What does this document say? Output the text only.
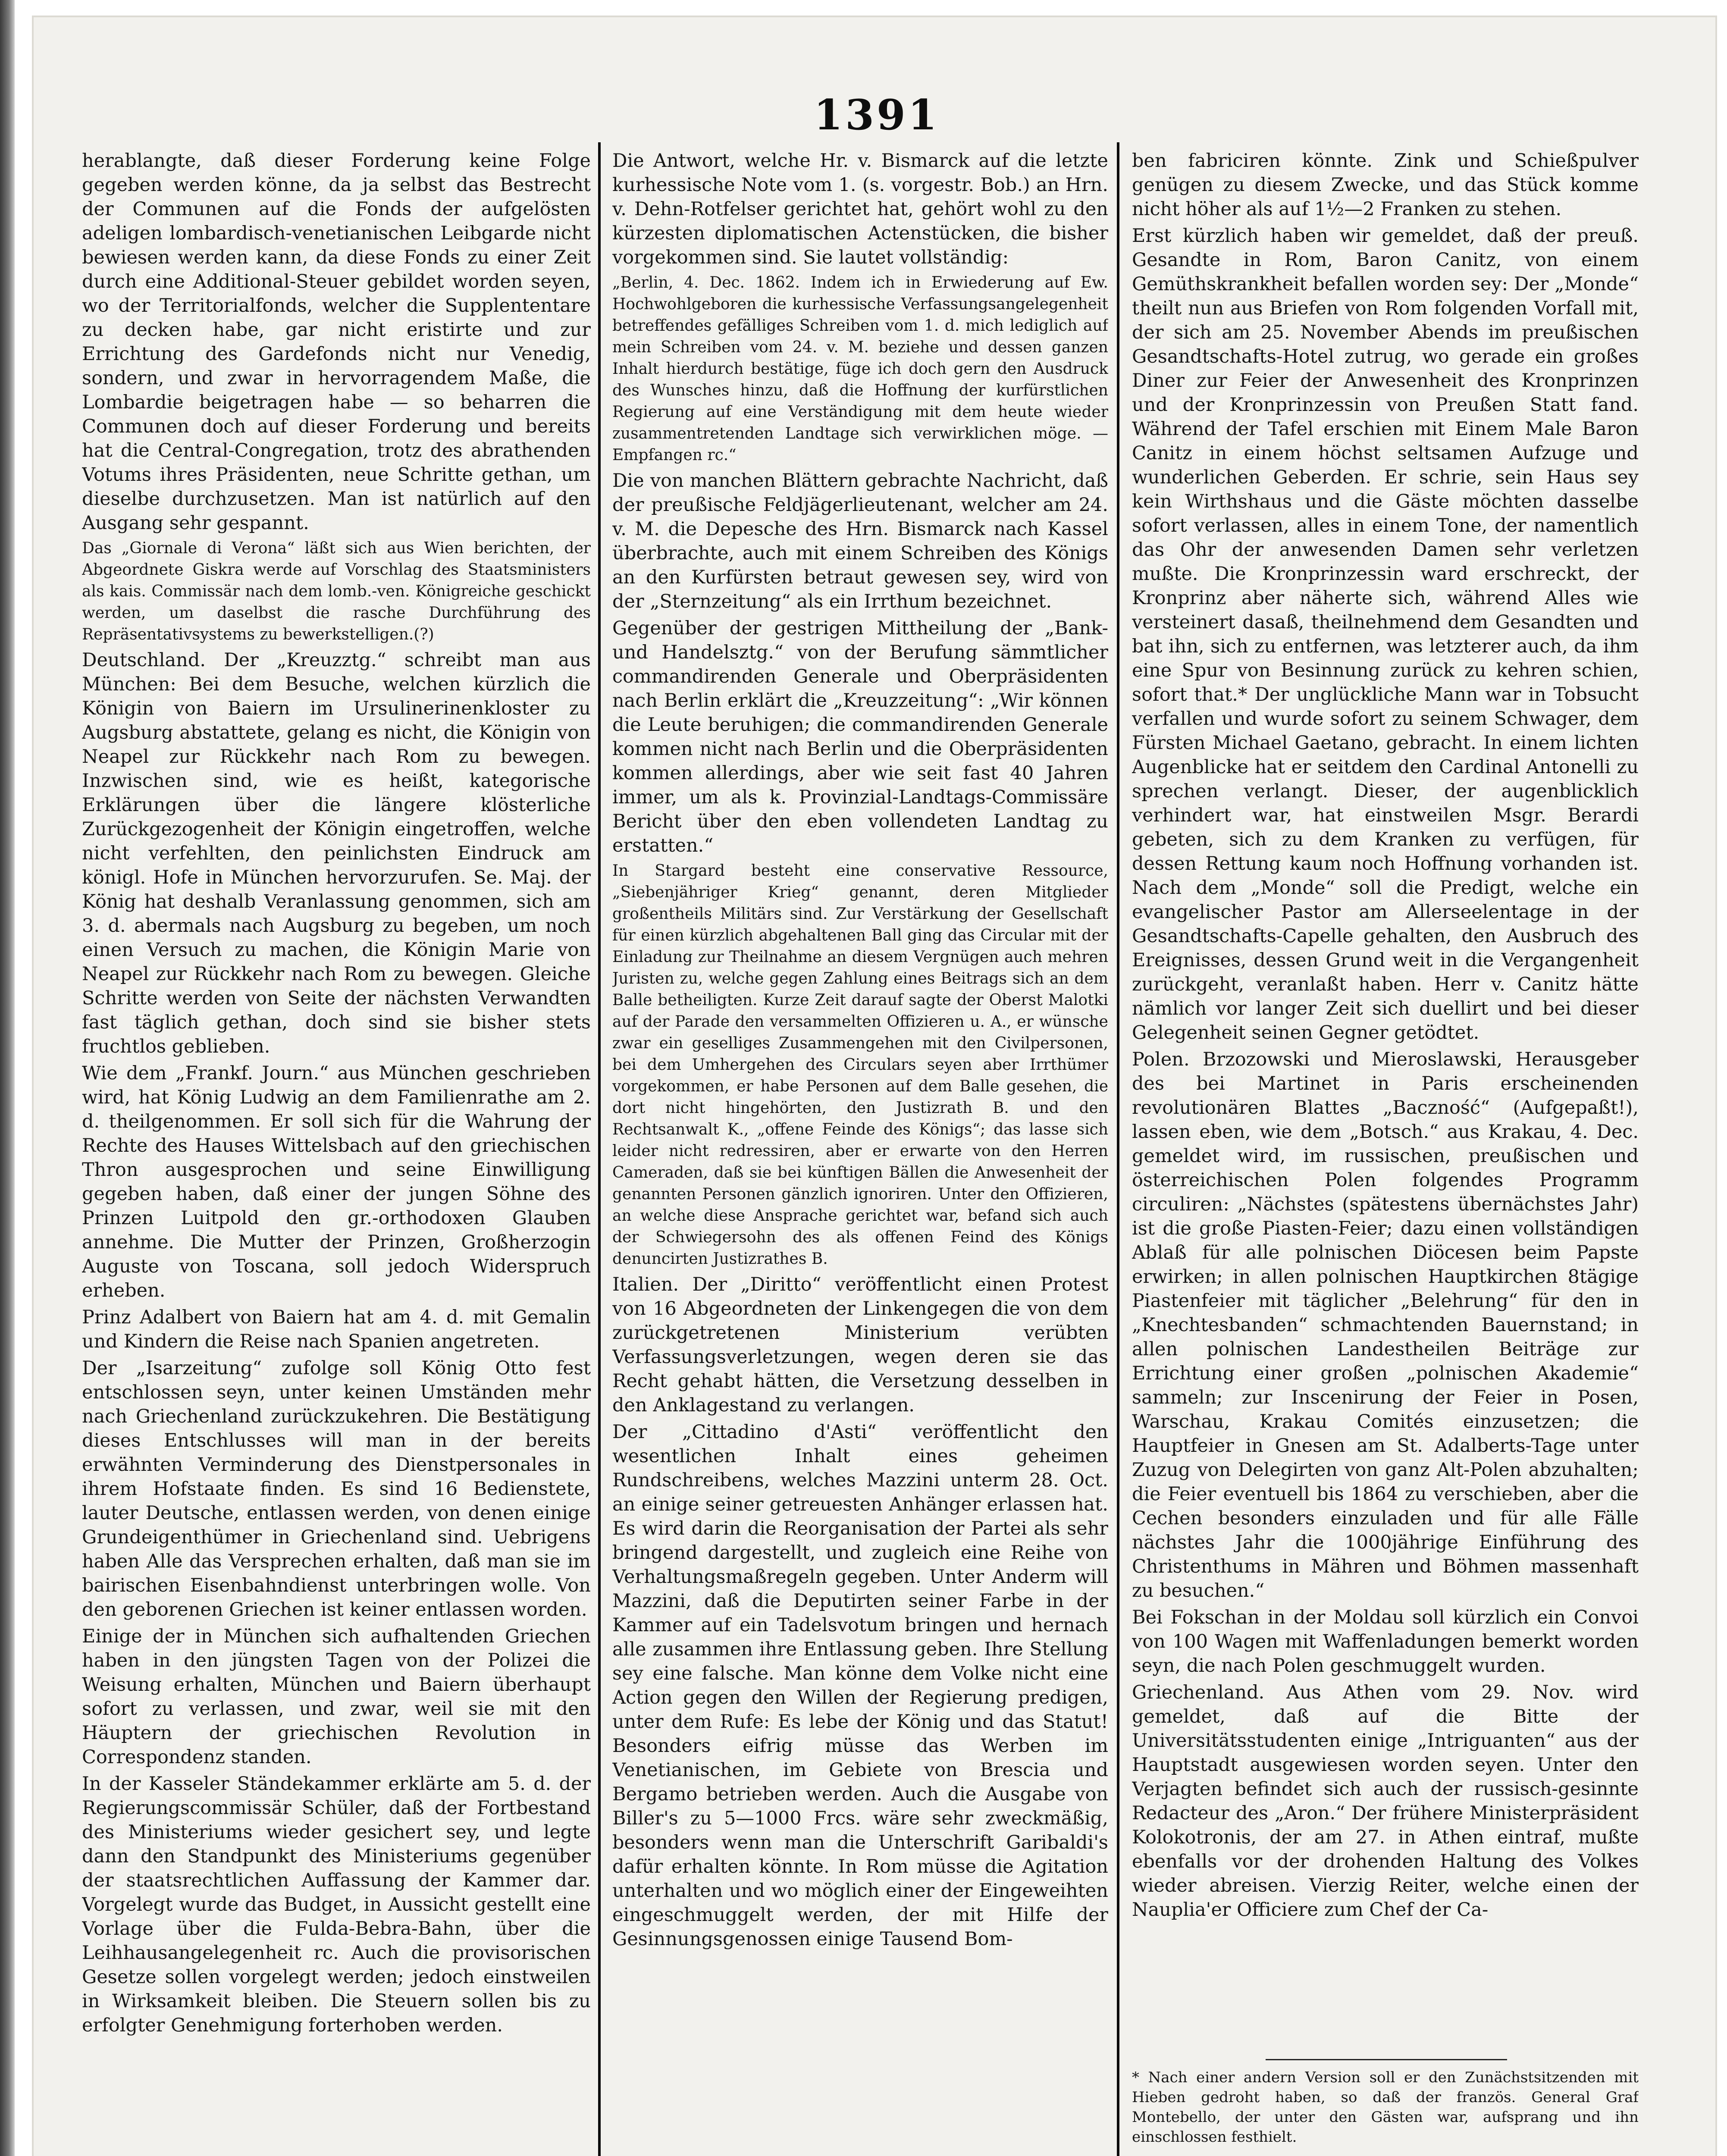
1391

herablangte, daß dieser Forderung keine Folge gegeben werden könne, da ja selbst das Bestrecht der Communen auf die Fonds der aufgelösten adeligen lombardisch-venetianischen Leibgarde nicht bewiesen werden kann, da diese Fonds zu einer Zeit durch eine Additional-Steuer gebildet worden seyen, wo der Territorialfonds, welcher die Supplententare zu decken habe, gar nicht eristirte und zur Errichtung des Gardefonds nicht nur Venedig, sondern, und zwar in hervorragendem Maße, die Lombardie beigetragen habe — so beharren die Communen doch auf dieser Forderung und bereits hat die Central-Congregation, trotz des abrathenden Votums ihres Präsidenten, neue Schritte gethan, um dieselbe durchzusetzen. Man ist natürlich auf den Ausgang sehr gespannt.

Das „Giornale di Verona“ läßt sich aus Wien berichten, der Abgeordnete Giskra werde auf Vorschlag des Staatsministers als kais. Commissär nach dem lomb.-ven. Königreiche geschickt werden, um daselbst die rasche Durchführung des Repräsentativsystems zu bewerkstelligen.(?)

Deutschland. Der „Kreuzztg.“ schreibt man aus München: Bei dem Besuche, welchen kürzlich die Königin von Baiern im Ursulinerinenkloster zu Augsburg abstattete, gelang es nicht, die Königin von Neapel zur Rückkehr nach Rom zu bewegen. Inzwischen sind, wie es heißt, kategorische Erklärungen über die längere klösterliche Zurückgezogenheit der Königin eingetroffen, welche nicht verfehlten, den peinlichsten Eindruck am königl. Hofe in München hervorzurufen. Se. Maj. der König hat deshalb Veranlassung genommen, sich am 3. d. abermals nach Augsburg zu begeben, um noch einen Versuch zu machen, die Königin Marie von Neapel zur Rückkehr nach Rom zu bewegen. Gleiche Schritte werden von Seite der nächsten Verwandten fast täglich gethan, doch sind sie bisher stets fruchtlos geblieben.

Wie dem „Frankf. Journ.“ aus München geschrieben wird, hat König Ludwig an dem Familienrathe am 2. d. theilgenommen. Er soll sich für die Wahrung der Rechte des Hauses Wittelsbach auf den griechischen Thron ausgesprochen und seine Einwilligung gegeben haben, daß einer der jungen Söhne des Prinzen Luitpold den gr.-orthodoxen Glauben annehme. Die Mutter der Prinzen, Großherzogin Auguste von Toscana, soll jedoch Widerspruch erheben.

Prinz Adalbert von Baiern hat am 4. d. mit Gemalin und Kindern die Reise nach Spanien angetreten.

Der „Isarzeitung“ zufolge soll König Otto fest entschlossen seyn, unter keinen Umständen mehr nach Griechenland zurückzukehren. Die Bestätigung dieses Entschlusses will man in der bereits erwähnten Verminderung des Dienstpersonales in ihrem Hofstaate finden. Es sind 16 Bedienstete, lauter Deutsche, entlassen werden, von denen einige Grundeigenthümer in Griechenland sind. Uebrigens haben Alle das Versprechen erhalten, daß man sie im bairischen Eisenbahndienst unterbringen wolle. Von den geborenen Griechen ist keiner entlassen worden.

Einige der in München sich aufhaltenden Griechen haben in den jüngsten Tagen von der Polizei die Weisung erhalten, München und Baiern überhaupt sofort zu verlassen, und zwar, weil sie mit den Häuptern der griechischen Revolution in Correspondenz standen.

In der Kasseler Ständekammer erklärte am 5. d. der Regierungscommissär Schüler, daß der Fortbestand des Ministeriums wieder gesichert sey, und legte dann den Standpunkt des Ministeriums gegenüber der staatsrechtlichen Auffassung der Kammer dar. Vorgelegt wurde das Budget, in Aussicht gestellt eine Vorlage über die Fulda-Bebra-Bahn, über die Leihhausangelegenheit rc. Auch die provisorischen Gesetze sollen vorgelegt werden; jedoch einstweilen in Wirksamkeit bleiben. Die Steuern sollen bis zu erfolgter Genehmigung forterhoben werden.

Die Antwort, welche Hr. v. Bismarck auf die letzte kurhessische Note vom 1. (s. vorgestr. Bob.) an Hrn. v. Dehn-Rotfelser gerichtet hat, gehört wohl zu den kürzesten diplomatischen Actenstücken, die bisher vorgekommen sind. Sie lautet vollständig:

„Berlin, 4. Dec. 1862. Indem ich in Erwiederung auf Ew. Hochwohlgeboren die kurhessische Verfassungsangelegenheit betreffendes gefälliges Schreiben vom 1. d. mich lediglich auf mein Schreiben vom 24. v. M. beziehe und dessen ganzen Inhalt hierdurch bestätige, füge ich doch gern den Ausdruck des Wunsches hinzu, daß die Hoffnung der kurfürstlichen Regierung auf eine Verständigung mit dem heute wieder zusammentretenden Landtage sich verwirklichen möge. — Empfangen rc.“

Die von manchen Blättern gebrachte Nachricht, daß der preußische Feldjägerlieutenant, welcher am 24. v. M. die Depesche des Hrn. Bismarck nach Kassel überbrachte, auch mit einem Schreiben des Königs an den Kurfürsten betraut gewesen sey, wird von der „Sternzeitung“ als ein Irrthum bezeichnet.

Gegenüber der gestrigen Mittheilung der „Bank- und Handelsztg.“ von der Berufung sämmtlicher commandirenden Generale und Oberpräsidenten nach Berlin erklärt die „Kreuzzeitung“: „Wir können die Leute beruhigen; die commandirenden Generale kommen nicht nach Berlin und die Oberpräsidenten kommen allerdings, aber wie seit fast 40 Jahren immer, um als k. Provinzial-Landtags-Commissäre Bericht über den eben vollendeten Landtag zu erstatten.“

In Stargard besteht eine conservative Ressource, „Siebenjähriger Krieg“ genannt, deren Mitglieder großentheils Militärs sind. Zur Verstärkung der Gesellschaft für einen kürzlich abgehaltenen Ball ging das Circular mit der Einladung zur Theilnahme an diesem Vergnügen auch mehren Juristen zu, welche gegen Zahlung eines Beitrags sich an dem Balle betheiligten. Kurze Zeit darauf sagte der Oberst Malotki auf der Parade den versammelten Offizieren u. A., er wünsche zwar ein geselliges Zusammengehen mit den Civilpersonen, bei dem Umhergehen des Circulars seyen aber Irrthümer vorgekommen, er habe Personen auf dem Balle gesehen, die dort nicht hingehörten, den Justizrath B. und den Rechtsanwalt K., „offene Feinde des Königs“; das lasse sich leider nicht redressiren, aber er erwarte von den Herren Cameraden, daß sie bei künftigen Bällen die Anwesenheit der genannten Personen gänzlich ignoriren. Unter den Offizieren, an welche diese Ansprache gerichtet war, befand sich auch der Schwiegersohn des als offenen Feind des Königs denuncirten Justizrathes B.

Italien. Der „Diritto“ veröffentlicht einen Protest von 16 Abgeordneten der Linkengegen die von dem zurückgetretenen Ministerium verübten Verfassungsverletzungen, wegen deren sie das Recht gehabt hätten, die Versetzung desselben in den Anklagestand zu verlangen.

Der „Cittadino d'Asti“ veröffentlicht den wesentlichen Inhalt eines geheimen Rundschreibens, welches Mazzini unterm 28. Oct. an einige seiner getreuesten Anhänger erlassen hat. Es wird darin die Reorganisation der Partei als sehr bringend dargestellt, und zugleich eine Reihe von Verhaltungsmaßregeln gegeben. Unter Anderm will Mazzini, daß die Deputirten seiner Farbe in der Kammer auf ein Tadelsvotum bringen und hernach alle zusammen ihre Entlassung geben. Ihre Stellung sey eine falsche. Man könne dem Volke nicht eine Action gegen den Willen der Regierung predigen, unter dem Rufe: Es lebe der König und das Statut! Besonders eifrig müsse das Werben im Venetianischen, im Gebiete von Brescia und Bergamo betrieben werden. Auch die Ausgabe von Biller's zu 5—1000 Frcs. wäre sehr zweckmäßig, besonders wenn man die Unterschrift Garibaldi's dafür erhalten könnte. In Rom müsse die Agitation unterhalten und wo möglich einer der Eingeweihten eingeschmuggelt werden, der mit Hilfe der Gesinnungsgenossen einige Tausend Bom-

ben fabriciren könnte. Zink und Schießpulver genügen zu diesem Zwecke, und das Stück komme nicht höher als auf 1½—2 Franken zu stehen.

Erst kürzlich haben wir gemeldet, daß der preuß. Gesandte in Rom, Baron Canitz, von einem Gemüthskrankheit befallen worden sey: Der „Monde“ theilt nun aus Briefen von Rom folgenden Vorfall mit, der sich am 25. November Abends im preußischen Gesandtschafts-Hotel zutrug, wo gerade ein großes Diner zur Feier der Anwesenheit des Kronprinzen und der Kronprinzessin von Preußen Statt fand. Während der Tafel erschien mit Einem Male Baron Canitz in einem höchst seltsamen Aufzuge und wunderlichen Geberden. Er schrie, sein Haus sey kein Wirthshaus und die Gäste möchten dasselbe sofort verlassen, alles in einem Tone, der namentlich das Ohr der anwesenden Damen sehr verletzen mußte. Die Kronprinzessin ward erschreckt, der Kronprinz aber näherte sich, während Alles wie versteinert dasaß, theilnehmend dem Gesandten und bat ihn, sich zu entfernen, was letzterer auch, da ihm eine Spur von Besinnung zurück zu kehren schien, sofort that.* Der unglückliche Mann war in Tobsucht verfallen und wurde sofort zu seinem Schwager, dem Fürsten Michael Gaetano, gebracht. In einem lichten Augenblicke hat er seitdem den Cardinal Antonelli zu sprechen verlangt. Dieser, der augenblicklich verhindert war, hat einstweilen Msgr. Berardi gebeten, sich zu dem Kranken zu verfügen, für dessen Rettung kaum noch Hoffnung vorhanden ist. Nach dem „Monde“ soll die Predigt, welche ein evangelischer Pastor am Allerseelentage in der Gesandtschafts-Capelle gehalten, den Ausbruch des Ereignisses, dessen Grund weit in die Vergangenheit zurückgeht, veranlaßt haben. Herr v. Canitz hätte nämlich vor langer Zeit sich duellirt und bei dieser Gelegenheit seinen Gegner getödtet.

Polen. Brzozowski und Mieroslawski, Herausgeber des bei Martinet in Paris erscheinenden revolutionären Blattes „Baczność“ (Aufgepaßt!), lassen eben, wie dem „Botsch.“ aus Krakau, 4. Dec. gemeldet wird, im russischen, preußischen und österreichischen Polen folgendes Programm circuliren: „Nächstes (spätestens übernächstes Jahr) ist die große Piasten-Feier; dazu einen vollständigen Ablaß für alle polnischen Diöcesen beim Papste erwirken; in allen polnischen Hauptkirchen 8tägige Piastenfeier mit täglicher „Belehrung“ für den in „Knechtesbanden“ schmachtenden Bauernstand; in allen polnischen Landestheilen Beiträge zur Errichtung einer großen „polnischen Akademie“ sammeln; zur Inscenirung der Feier in Posen, Warschau, Krakau Comités einzusetzen; die Hauptfeier in Gnesen am St. Adalberts-Tage unter Zuzug von Delegirten von ganz Alt-Polen abzuhalten; die Feier eventuell bis 1864 zu verschieben, aber die Cechen besonders einzuladen und für alle Fälle nächstes Jahr die 1000jährige Einführung des Christenthums in Mähren und Böhmen massenhaft zu besuchen.“

Bei Fokschan in der Moldau soll kürzlich ein Convoi von 100 Wagen mit Waffenladungen bemerkt worden seyn, die nach Polen geschmuggelt wurden.

Griechenland. Aus Athen vom 29. Nov. wird gemeldet, daß auf die Bitte der Universitätsstudenten einige „Intriguanten“ aus der Hauptstadt ausgewiesen worden seyen. Unter den Verjagten befindet sich auch der russisch-gesinnte Redacteur des „Aron.“ Der frühere Ministerpräsident Kolokotronis, der am 27. in Athen eintraf, mußte ebenfalls vor der drohenden Haltung des Volkes wieder abreisen. Vierzig Reiter, welche einen der Nauplia'er Officiere zum Chef der Ca-

* Nach einer andern Version soll er den Zunächstsitzenden mit Hieben gedroht haben, so daß der französ. General Graf Montebello, der unter den Gästen war, aufsprang und ihn einschlossen festhielt.
